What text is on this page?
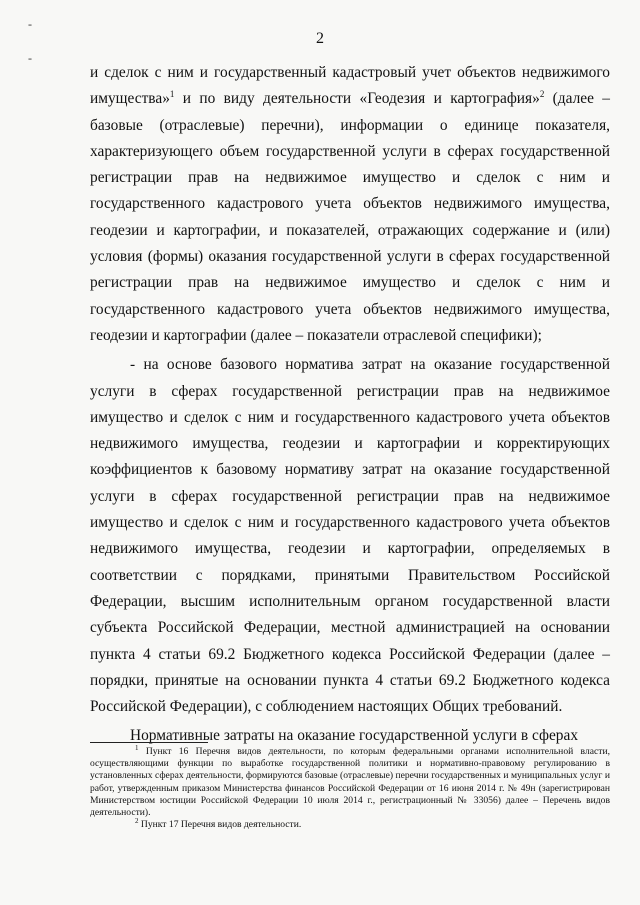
2
-
-

и сделок с ним и государственный кадастровый учет объектов недвижимого имущества»$^1$ и по виду деятельности «Геодезия и картография»$^2$ (далее – базовые (отраслевые) перечни), информации о единице показателя, характеризующего объем государственной услуги в сферах государственной регистрации прав на недвижимое имущество и сделок с ним и государственного кадастрового учета объектов недвижимого имущества, геодезии и картографии, и показателей, отражающих содержание и (или) условия (формы) оказания государственной услуги в сферах государственной регистрации прав на недвижимое имущество и сделок с ним и государственного кадастрового учета объектов недвижимого имущества, геодезии и картографии (далее – показатели отраслевой специфики);

- на основе базового норматива затрат на оказание государственной услуги в сферах государственной регистрации прав на недвижимое имущество и сделок с ним и государственного кадастрового учета объектов недвижимого имущества, геодезии и картографии и корректирующих коэффициентов к базовому нормативу затрат на оказание государственной услуги в сферах государственной регистрации прав на недвижимое имущество и сделок с ним и государственного кадастрового учета объектов недвижимого имущества, геодезии и картографии, определяемых в соответствии с порядками, принятыми Правительством Российской Федерации, высшим исполнительным органом государственной власти субъекта Российской Федерации, местной администрацией на основании пункта 4 статьи 69.2 Бюджетного кодекса Российской Федерации (далее – порядки, принятые на основании пункта 4 статьи 69.2 Бюджетного кодекса Российской Федерации), с соблюдением настоящих Общих требований.

Нормативные затраты на оказание государственной услуги в сферах

$^1$ Пункт 16 Перечня видов деятельности, по которым федеральными органами исполнительной власти, осуществляющими функции по выработке государственной политики и нормативно-правовому регулированию в установленных сферах деятельности, формируются базовые (отраслевые) перечни государственных и муниципальных услуг и работ, утвержденным приказом Министерства финансов Российской Федерации от 16 июня 2014 г. № 49н (зарегистрирован Министерством юстиции Российской Федерации 10 июля 2014 г., регистрационный № 33056) далее – Перечень видов деятельности).

$^2$ Пункт 17 Перечня видов деятельности.
